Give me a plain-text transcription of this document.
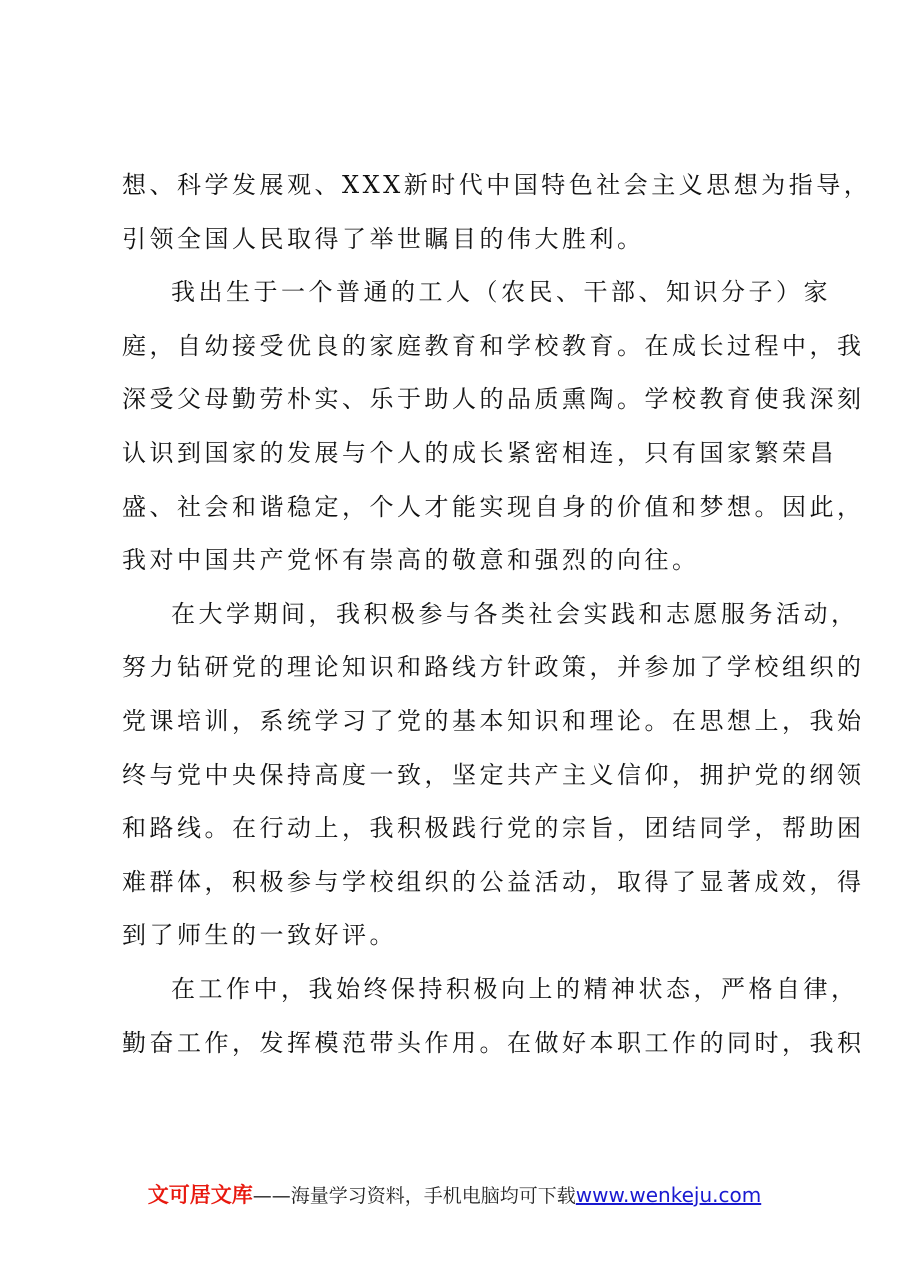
想、科学发展观、XXX新时代中国特色社会主义思想为指导，
引领全国人民取得了举世瞩目的伟大胜利。
我出生于一个普通的工人（农民、干部、知识分子）家
庭，自幼接受优良的家庭教育和学校教育。在成长过程中，我
深受父母勤劳朴实、乐于助人的品质熏陶。学校教育使我深刻
认识到国家的发展与个人的成长紧密相连，只有国家繁荣昌
盛、社会和谐稳定，个人才能实现自身的价值和梦想。因此，
我对中国共产党怀有崇高的敬意和强烈的向往。
在大学期间，我积极参与各类社会实践和志愿服务活动，
努力钻研党的理论知识和路线方针政策，并参加了学校组织的
党课培训，系统学习了党的基本知识和理论。在思想上，我始
终与党中央保持高度一致，坚定共产主义信仰，拥护党的纲领
和路线。在行动上，我积极践行党的宗旨，团结同学，帮助困
难群体，积极参与学校组织的公益活动，取得了显著成效，得
到了师生的一致好评。
在工作中，我始终保持积极向上的精神状态，严格自律，
勤奋工作，发挥模范带头作用。在做好本职工作的同时，我积
文可居文库——海量学习资料，手机电脑均可下载www.wenkeju.com
